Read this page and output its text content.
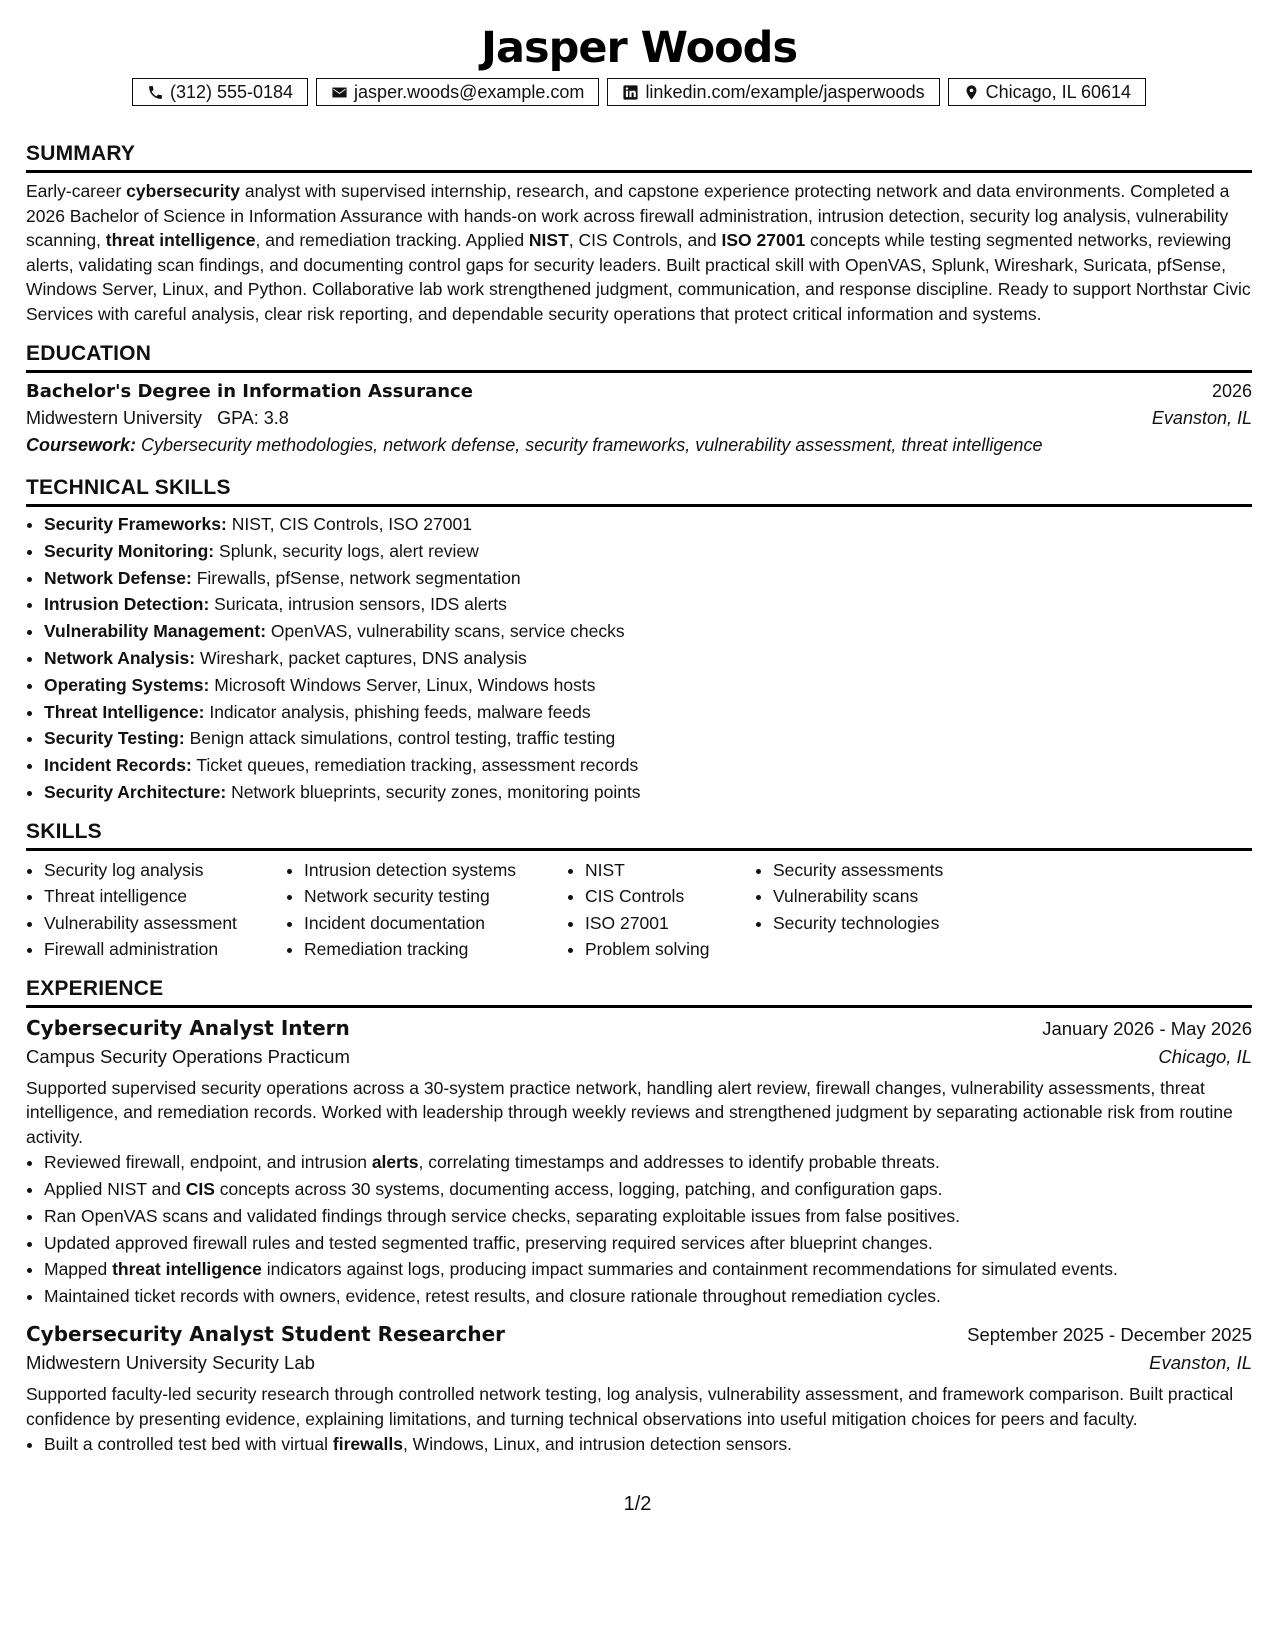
Jasper Woods
(312) 555-0184	jasper.woods@example.com	linkedin.com/example/jasperwoods	Chicago, IL 60614
SUMMARY
Early-career cybersecurity analyst with supervised internship, research, and capstone experience protecting network and data environments. Completed a 2026 Bachelor of Science in Information Assurance with hands-on work across firewall administration, intrusion detection, security log analysis, vulnerability scanning, threat intelligence, and remediation tracking. Applied NIST, CIS Controls, and ISO 27001 concepts while testing segmented networks, reviewing alerts, validating scan findings, and documenting control gaps for security leaders. Built practical skill with OpenVAS, Splunk, Wireshark, Suricata, pfSense, Windows Server, Linux, and Python. Collaborative lab work strengthened judgment, communication, and response discipline. Ready to support Northstar Civic Services with careful analysis, clear risk reporting, and dependable security operations that protect critical information and systems.
EDUCATION
Bachelor's Degree in Information Assurance	2026
Midwestern University GPA: 3.8	Evanston, IL
Coursework: Cybersecurity methodologies, network defense, security frameworks, vulnerability assessment, threat intelligence
TECHNICAL SKILLS
• Security Frameworks: NIST, CIS Controls, ISO 27001
• Security Monitoring: Splunk, security logs, alert review
• Network Defense: Firewalls, pfSense, network segmentation
• Intrusion Detection: Suricata, intrusion sensors, IDS alerts
• Vulnerability Management: OpenVAS, vulnerability scans, service checks
• Network Analysis: Wireshark, packet captures, DNS analysis
• Operating Systems: Microsoft Windows Server, Linux, Windows hosts
• Threat Intelligence: Indicator analysis, phishing feeds, malware feeds
• Security Testing: Benign attack simulations, control testing, traffic testing
• Incident Records: Ticket queues, remediation tracking, assessment records
• Security Architecture: Network blueprints, security zones, monitoring points
SKILLS
• Security log analysis
• Threat intelligence
• Vulnerability assessment
• Firewall administration
• Intrusion detection systems
• Network security testing
• Incident documentation
• Remediation tracking
• NIST
• CIS Controls
• ISO 27001
• Problem solving
• Security assessments
• Vulnerability scans
• Security technologies
EXPERIENCE
Cybersecurity Analyst Intern	January 2026 - May 2026
Campus Security Operations Practicum	Chicago, IL
Supported supervised security operations across a 30-system practice network, handling alert review, firewall changes, vulnerability assessments, threat intelligence, and remediation records. Worked with leadership through weekly reviews and strengthened judgment by separating actionable risk from routine activity.
• Reviewed firewall, endpoint, and intrusion alerts, correlating timestamps and addresses to identify probable threats.
• Applied NIST and CIS concepts across 30 systems, documenting access, logging, patching, and configuration gaps.
• Ran OpenVAS scans and validated findings through service checks, separating exploitable issues from false positives.
• Updated approved firewall rules and tested segmented traffic, preserving required services after blueprint changes.
• Mapped threat intelligence indicators against logs, producing impact summaries and containment recommendations for simulated events.
• Maintained ticket records with owners, evidence, retest results, and closure rationale throughout remediation cycles.
Cybersecurity Analyst Student Researcher	September 2025 - December 2025
Midwestern University Security Lab	Evanston, IL
Supported faculty-led security research through controlled network testing, log analysis, vulnerability assessment, and framework comparison. Built practical confidence by presenting evidence, explaining limitations, and turning technical observations into useful mitigation choices for peers and faculty.
• Built a controlled test bed with virtual firewalls, Windows, Linux, and intrusion detection sensors.
1/2
